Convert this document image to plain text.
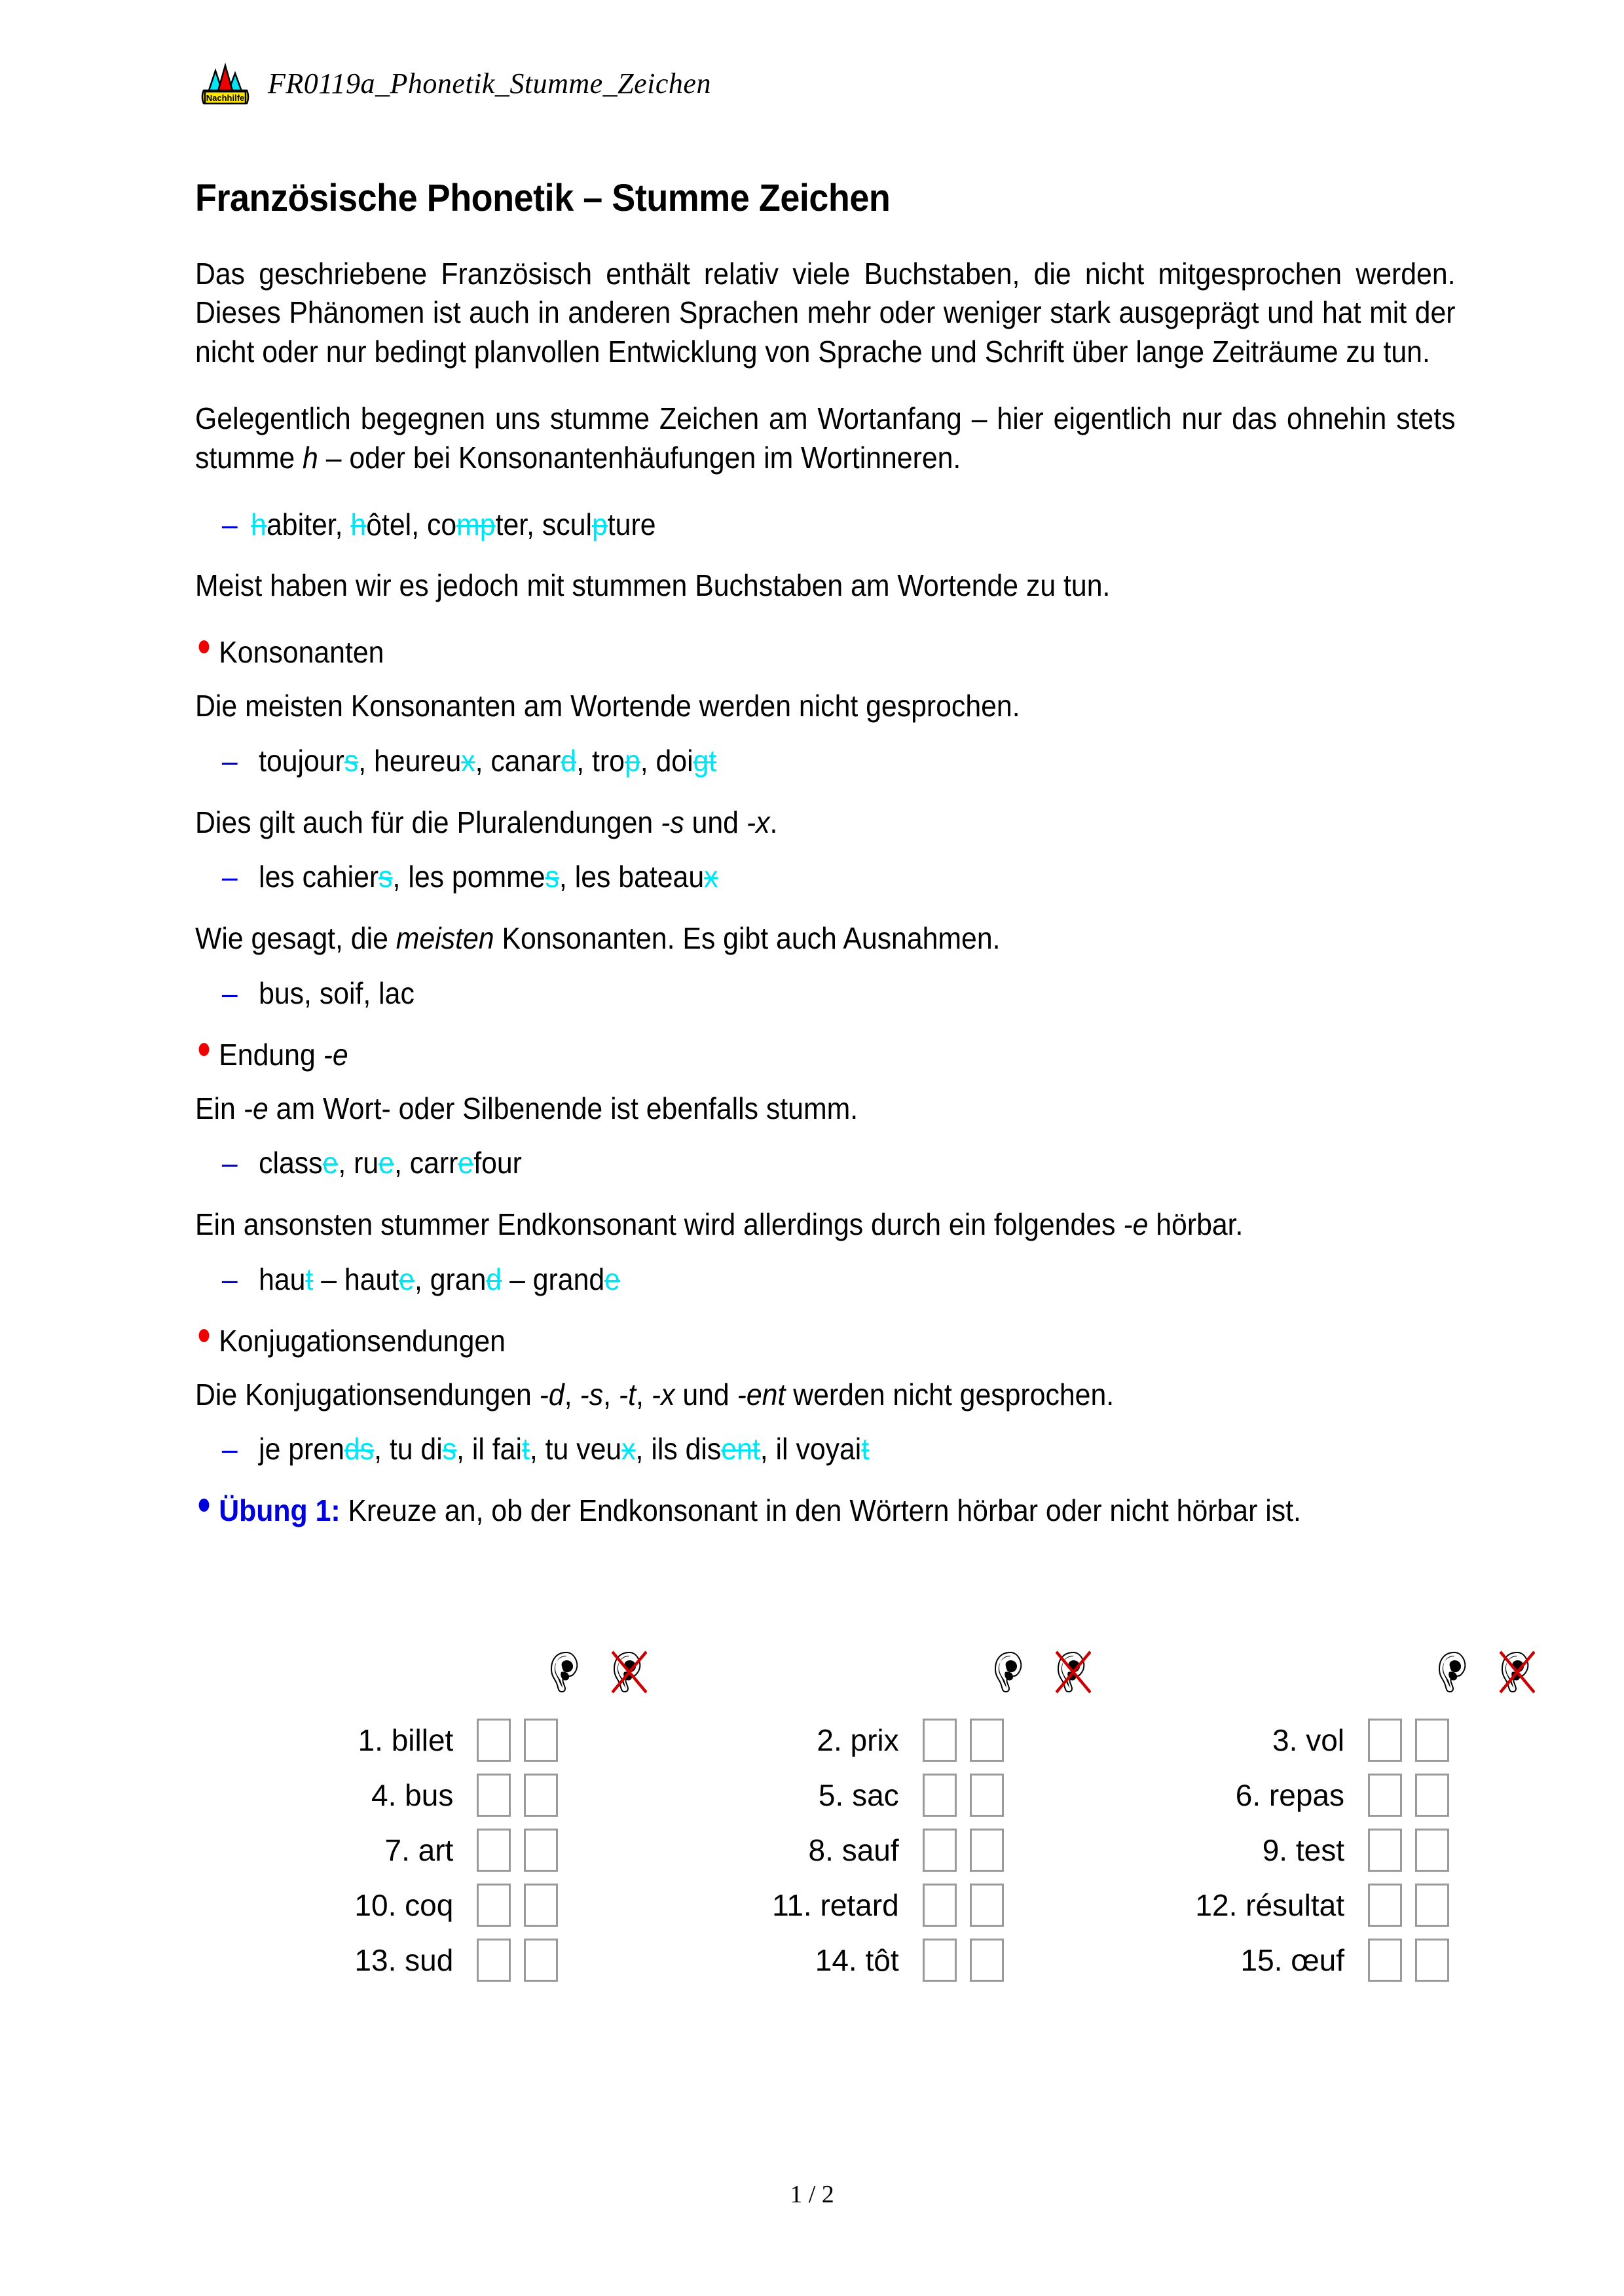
Nachhilfe FR0119a_Phonetik_Stumme_Zeichen
Französische Phonetik – Stumme Zeichen

Das geschriebene Französisch enthält relativ viele Buchstaben, die nicht mitgesprochen werden. Dieses Phänomen ist auch in anderen Sprachen mehr oder weniger stark ausgeprägt und hat mit der nicht oder nur bedingt planvollen Entwicklung von Sprache und Schrift über lange Zeiträume zu tun.

Gelegentlich begegnen uns stumme Zeichen am Wortanfang – hier eigentlich nur das ohnehin stets stumme h – oder bei Konsonantenhäufungen im Wortinneren.

– habiter, hôtel, compter, sculpture

Meist haben wir es jedoch mit stummen Buchstaben am Wortende zu tun.

Konsonanten

Die meisten Konsonanten am Wortende werden nicht gesprochen.

– toujours, heureux, canard, trop, doigt

Dies gilt auch für die Pluralendungen -s und -x.

– les cahiers, les pommes, les bateaux

Wie gesagt, die meisten Konsonanten. Es gibt auch Ausnahmen.

– bus, soif, lac
Endung -e

Ein -e am Wort- oder Silbenende ist ebenfalls stumm.

– classe, rue, carrefour

Ein ansonsten stummer Endkonsonant wird allerdings durch ein folgendes -e hörbar.

– haut – haute, grand – grande
Konjugationsendungen

Die Konjugationsendungen -d, -s, -t, -x und -ent werden nicht gesprochen.

– je prends, tu dis, il fait, tu veux, ils disent, il voyait
Übung 1: Kreuze an, ob der Endkonsonant in den Wörtern hörbar oder nicht hörbar ist.
1. billet				2. prix				3. vol	

4. bus				5. sac				6. repas	

7. art				8. sauf				9. test	

10. coq				11. retard				12. résultat	

13. sud				14. tôt				15. œuf	

1 / 2
